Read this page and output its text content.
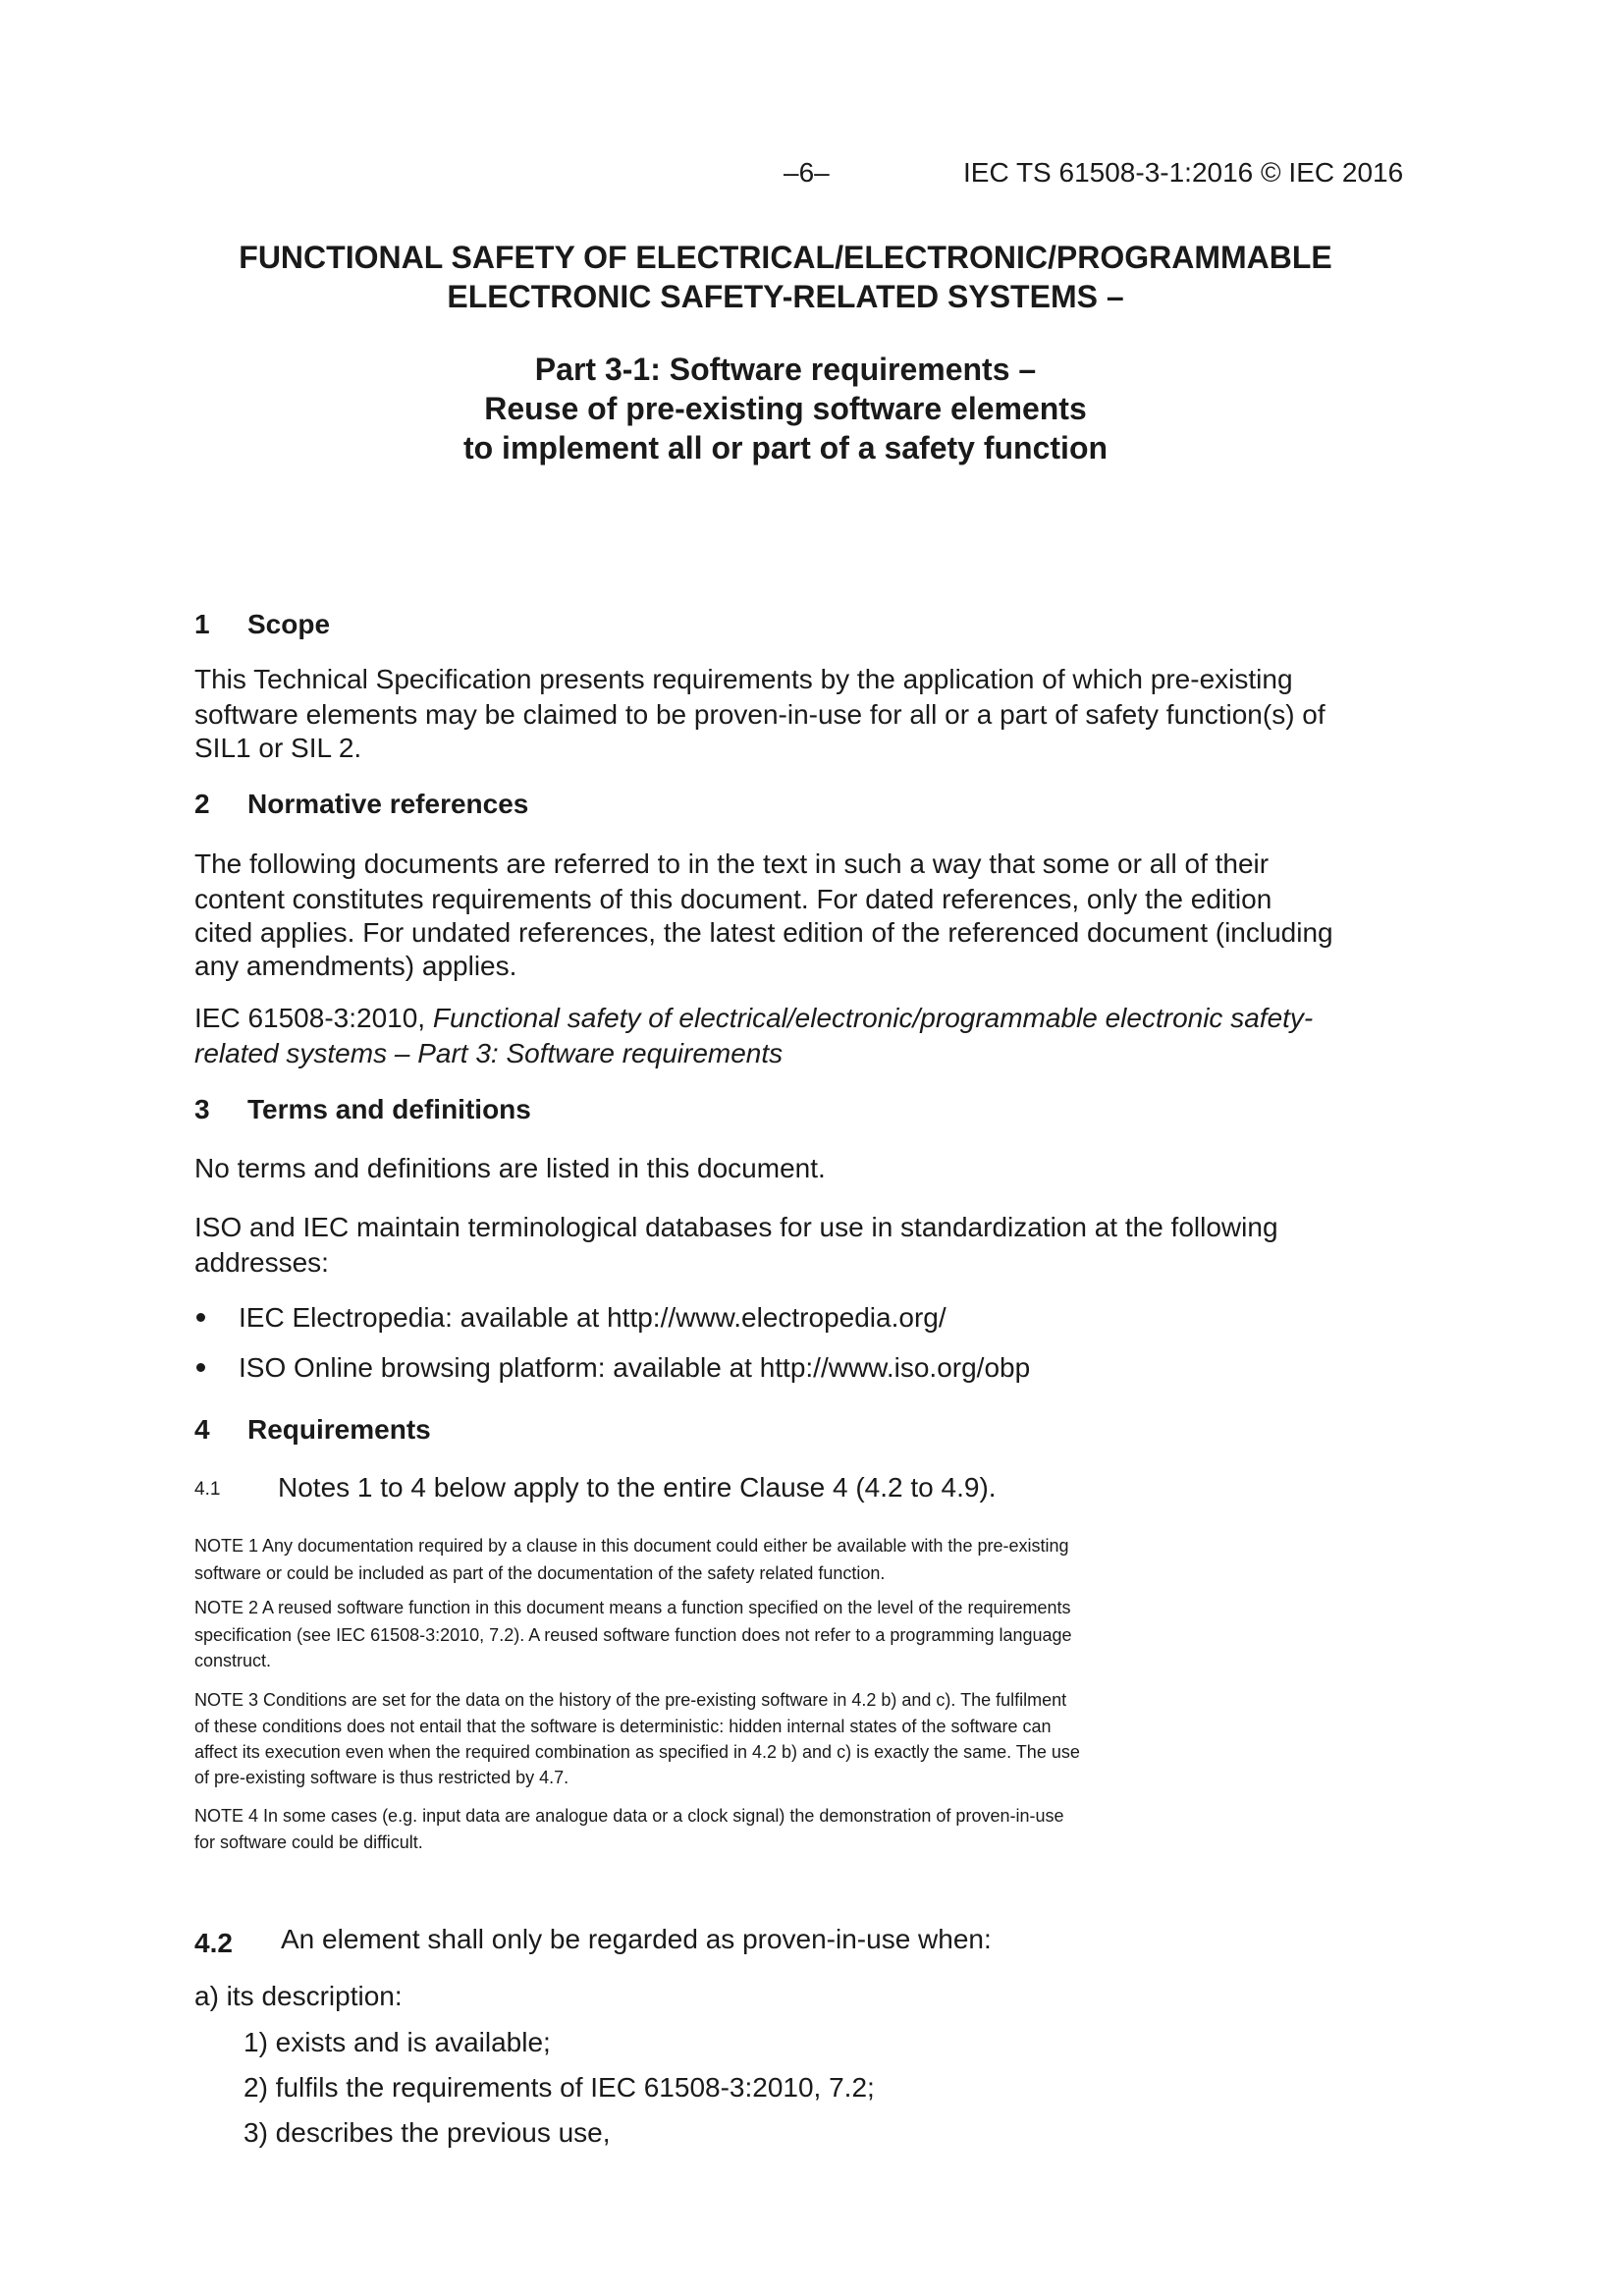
–6–	IEC TS 61508-3-1:2016 © IEC 2016
FUNCTIONAL SAFETY OF ELECTRICAL/ELECTRONIC/PROGRAMMABLE
ELECTRONIC SAFETY-RELATED SYSTEMS –
Part 3-1: Software requirements –
Reuse of pre-existing software elements
to implement all or part of a safety function
1 Scope
This Technical Specification presents requirements by the application of which pre-existing
software elements may be claimed to be proven-in-use for all or a part of safety function(s) of
SIL1 or SIL 2.
2 Normative references
The following documents are referred to in the text in such a way that some or all of their
content constitutes requirements of this document. For dated references, only the edition
cited applies. For undated references, the latest edition of the referenced document (including
any amendments) applies.
IEC 61508-3:2010, Functional safety of electrical/electronic/programmable electronic safety-
related systems – Part 3: Software requirements
3 Terms and definitions
No terms and definitions are listed in this document.
ISO and IEC maintain terminological databases for use in standardization at the following
addresses:
IEC Electropedia: available at http://www.electropedia.org/
ISO Online browsing platform: available at http://www.iso.org/obp
4 Requirements
4.1 Notes 1 to 4 below apply to the entire Clause 4 (4.2 to 4.9).
NOTE 1 Any documentation required by a clause in this document could either be available with the pre-existing
software or could be included as part of the documentation of the safety related function.
NOTE 2 A reused software function in this document means a function specified on the level of the requirements
specification (see IEC 61508-3:2010, 7.2). A reused software function does not refer to a programming language
construct.
NOTE 3 Conditions are set for the data on the history of the pre-existing software in 4.2 b) and c). The fulfilment
of these conditions does not entail that the software is deterministic: hidden internal states of the software can
affect its execution even when the required combination as specified in 4.2 b) and c) is exactly the same. The use
of pre-existing software is thus restricted by 4.7.
NOTE 4 In some cases (e.g. input data are analogue data or a clock signal) the demonstration of proven-in-use
for software could be difficult.
4.2 An element shall only be regarded as proven-in-use when:
a) its description:
1) exists and is available;
2) fulfils the requirements of IEC 61508-3:2010, 7.2;
3) describes the previous use,
